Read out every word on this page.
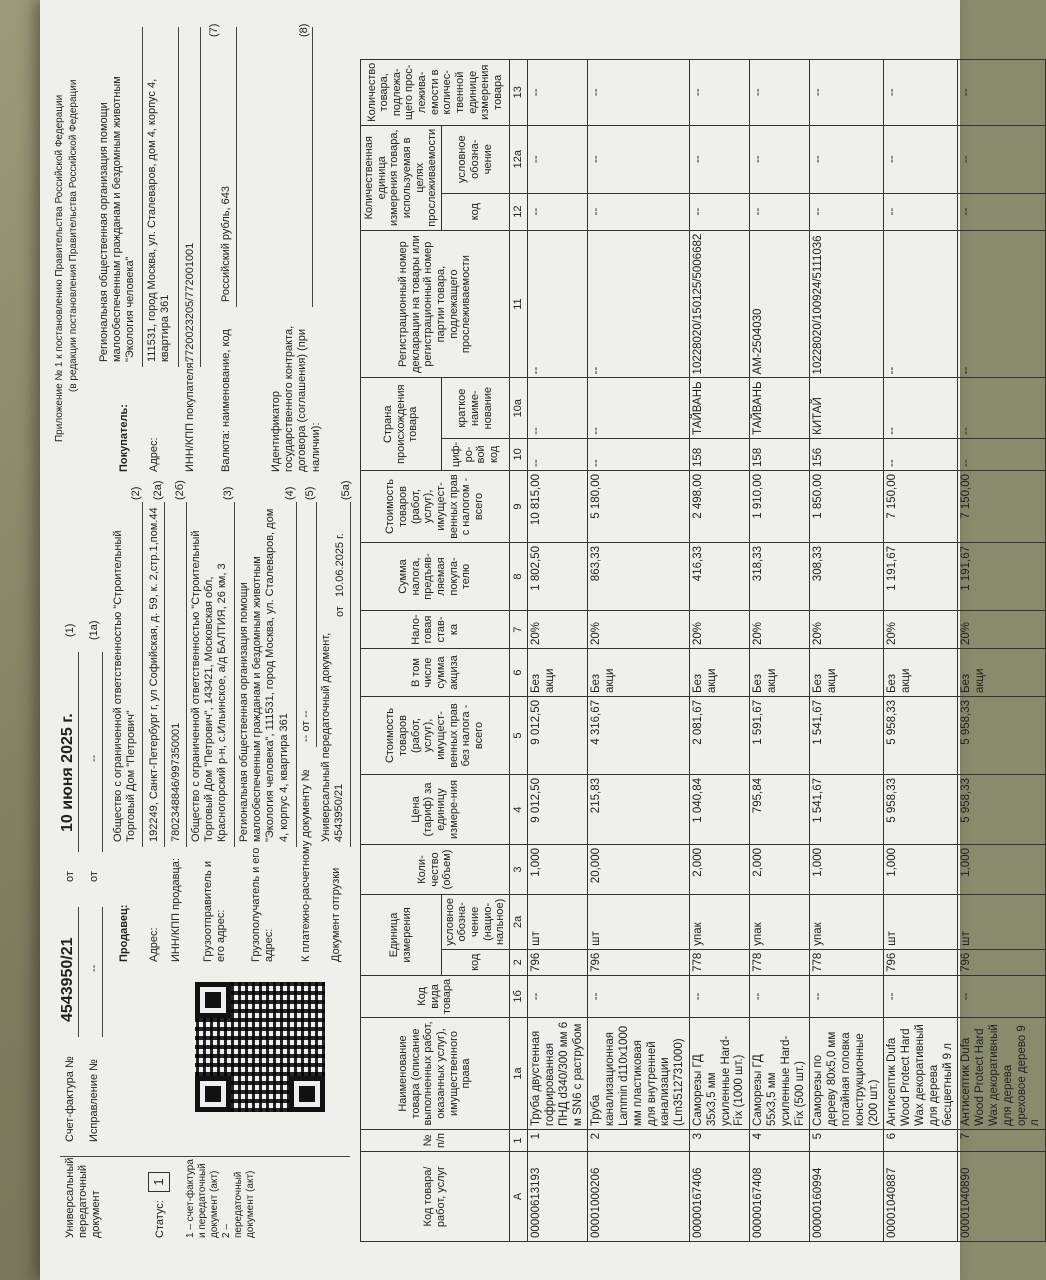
Универсальный передаточный документ	Статус:
1
1 – счет-фактура и передаточный документ (акт)
2 – передаточный документ (акт)
Счет-фактура №
4543950/21
от
10 июня 2025 г.
(1)
Исправление №
--
от
--
(1а)
Приложение № 1 к постановлению Правительства Российской Федерации (в редакции постановления Правительства Российской Федерации
Продавец:
Общество с ограниченной ответственностью "Строительный Торговый Дом "Петрович"
(2)
Адрес:
192249, Санкт-Петербург г, ул Софийская, д. 59, к. 2,стр.1,пом.44
(2а)
ИНН/КПП продавца:
7802348846/997350001
(2б)
Грузоотправитель и его адрес:
Общество с ограниченной ответственностью "Строительный Торговый Дом "Петрович", 143421, Московская обл, Красногорский р-н, с.Ильинское, а/д БАЛТИЯ, 26 км, 3
(3)
Грузополучатель и его адрес:
Региональная общественная организация помощи малообеспеченным гражданам и бездомным животным "Экология человека", 111531, город Москва, ул. Сталеваров, дом 4, корпус 4, квартира 361
(4)
К платежно-расчетному документу №
-- от --
(5)
Документ отгрузки
Универсальный передаточный документ, 4543950/21
от
10.06.2025 г.
(5а)
Покупатель:
Региональная общественная организация помощи малообеспеченным гражданам и бездомным животным "Экология человека"
Адрес:
111531, город Москва, ул. Сталеваров, дом 4, корпус 4, квартира 361
ИНН/КПП покупателя:
7720023205/772001001
Валюта: наименование, код
Российский рубль, 643
(7)
Идентификатор государственного контракта, договора (соглашения) (при наличии):
(8)
Код товара/ работ, услуг	№ п/п	Наименование товара (описание выполненных работ, оказанных услуг), имущественного права	Код вида товара	Единица измерения		Коли-чество (объем)	Цена (тариф) за единицу измере-ния	Стоимость товаров (работ, услуг), имущест-венных прав без налога - всего	В том числе сумма акциза	Нало-говая став-ка	Сумма налога, предъяв-ляемая покупа-телю	Стоимость товаров (работ, услуг), имущест-венных прав с налогом - всего	Страна происхождения товара		Регистрационный номер декларации на товары или регистрационный номер партии товара, подлежащего прослеживаемости	Количественная единица измерения товара, используемая в целях прослеживаемости		Количество товара, подлежа-щего прос-лежива-емости в количес-твенной единице измерения товара
				код	условное обозна-чение (нацио-нальное)								циф-ро-вой код	краткое наиме-нование		код	условное обозна-чение	
А	1	1а	1б	2	2а	3	4	5	6	7	8	9	10	10а	11	12	12а	13
00000613193	1	Труба двустенная гофрированная ПНД d340/300 мм 6 м SN6 с раструбом	--	796	шт	1,000	9 012,50	9 012,50	Без акци	20%	1 802,50	10 815,00	--	--	--	--	--	--
00001000206	2	Труба канализационная Lammin d110х1000 мм пластиковая для внутренней канализации (Lm3512731000)	--	796	шт	20,000	215,83	4 316,67	Без акци	20%	863,33	5 180,00	--	--	--	--	--	--
00000167406	3	Саморезы ГД 35х3,5 мм усиленные Hard-Fix (1000 шт.)	--	778	упак	2,000	1 040,84	2 081,67	Без акци	20%	416,33	2 498,00	158	ТАЙВАНЬ	10228020/150125/5006682	--	--	--
00000167408	4	Саморезы ГД 55х3,5 мм усиленные Hard-Fix (500 шт.)	--	778	упак	2,000	795,84	1 591,67	Без акци	20%	318,33	1 910,00	158	ТАЙВАНЬ	АМ-2504030	--	--	--
00000160994	5	Саморезы по дереву 80х5,0 мм потайная головка конструкционные (200 шт.)	--	778	упак	1,000	1 541,67	1 541,67	Без акци	20%	308,33	1 850,00	156	КИТАЙ	10228020/100924/5111036	--	--	--
00001040887	6	Антисептик Dufa Wood Protect Hard Wax декоративный для дерева бесцветный 9 л	--	796	шт	1,000	5 958,33	5 958,33	Без акци	20%	1 191,67	7 150,00	--	--	--	--	--	--
00001040890	7	Антисептик Dufa Wood Protect Hard Wax декоративный для дерева ореховое дерево 9 л	--	796	шт	1,000	5 958,33	5 958,33	Без акци	20%	1 191,67	7 150,00	--	--	--	--	--	--
